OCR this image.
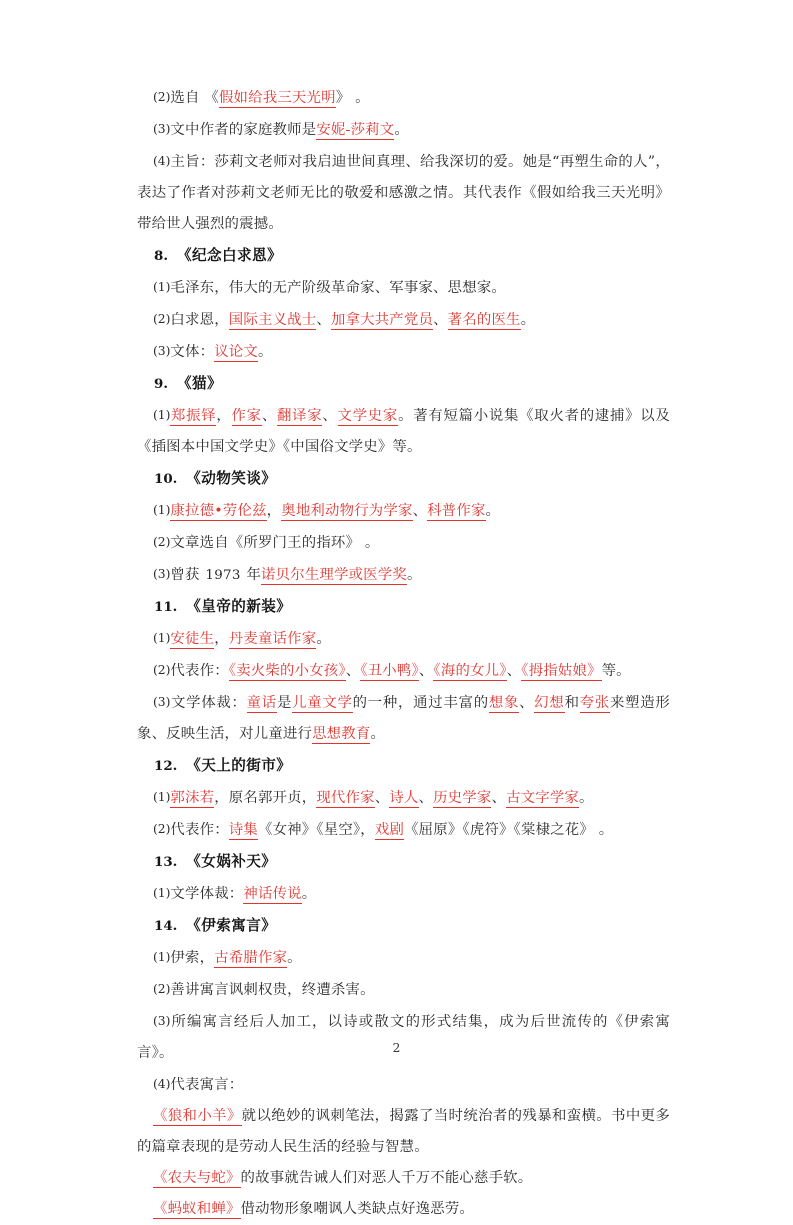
(2)选自 《假如给我三天光明》 。
(3)文中作者的家庭教师是安妮-莎莉文。
(4)主旨：莎莉文老师对我启迪世间真理、给我深切的爱。她是“再塑生命的人”，表达了作者对莎莉文老师无比的敬爱和感激之情。其代表作《假如给我三天光明》带给世人强烈的震撼。
8. 《纪念白求恩》
(1)毛泽东，伟大的无产阶级革命家、军事家、思想家。
(2)白求恩，国际主义战士、加拿大共产党员、著名的医生。
(3)文体：议论文。
9. 《猫》
(1)郑振铎，作家、翻译家、文学史家。著有短篇小说集《取火者的逮捕》以及《插图本中国文学史》《中国俗文学史》等。
10. 《动物笑谈》
(1)康拉德•劳伦兹，奥地利动物行为学家、科普作家。
(2)文章选自《所罗门王的指环》 。
(3)曾获 1973 年诺贝尔生理学或医学奖。
11. 《皇帝的新装》
(1)安徒生，丹麦童话作家。
(2)代表作：《卖火柴的小女孩》、《丑小鸭》、《海的女儿》、《拇指姑娘》等。
(3)文学体裁：童话是儿童文学的一种，通过丰富的想象、幻想和夸张来塑造形象、反映生活，对儿童进行思想教育。
12. 《天上的街市》
(1)郭沫若，原名郭开贞，现代作家、诗人、历史学家、古文字学家。
(2)代表作：诗集《女神》《星空》，戏剧《屈原》《虎符》《棠棣之花》 。
13. 《女娲补天》
(1)文学体裁：神话传说。
14. 《伊索寓言》
(1)伊索，古希腊作家。
(2)善讲寓言讽刺权贵，终遭杀害。
(3)所编寓言经后人加工，以诗或散文的形式结集，成为后世流传的《伊索寓言》。
(4)代表寓言：
《狼和小羊》就以绝妙的讽刺笔法，揭露了当时统治者的残暴和蛮横。书中更多的篇章表现的是劳动人民生活的经验与智慧。
《农夫与蛇》的故事就告诫人们对恶人千万不能心慈手软。
《蚂蚁和蝉》借动物形象嘲讽人类缺点好逸恶劳。
2
